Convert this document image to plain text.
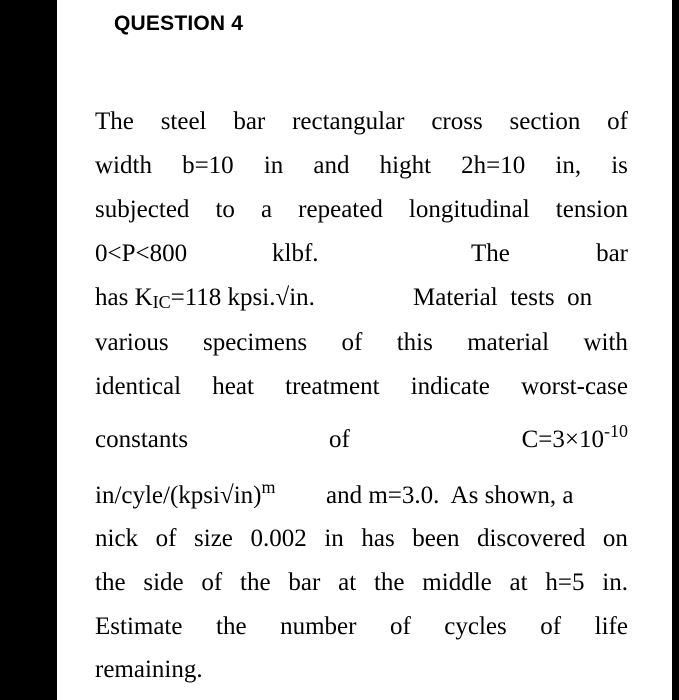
QUESTION 4
The steel bar rectangular cross section of
width b=10 in and hight 2h=10 in, is
subjected to a repeated longitudinal tension
0<P<800	klbf.	The	bar
has KIC=118 kpsi.√in.	Material tests on
various specimens of this material with
identical heat treatment indicate worst-case
constants	of	$C=3\times 10^{-10}$
in/cyle/(kpsi√in)$^m$ and m=3.0. As shown, a
nick of size 0.002 in has been discovered on
the side of the bar at the middle at h=5 in.
Estimate the number of cycles of life
remaining.
